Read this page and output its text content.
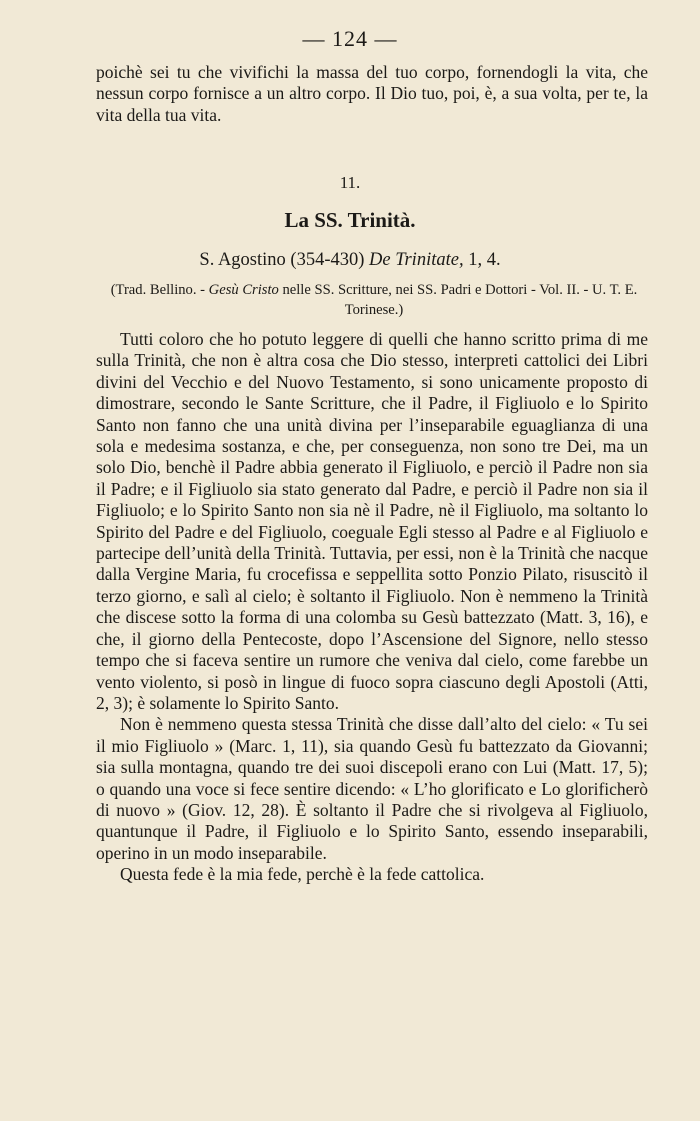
— 124 —
poichè sei tu che vivifichi la massa del tuo corpo, fornendogli la vita, che nessun corpo fornisce a un altro corpo. Il Dio tuo, poi, è, a sua volta, per te, la vita della tua vita.
11.
La SS. Trinità.
S. Agostino (354-430) De Trinitate, 1, 4.
(Trad. Bellino. - Gesù Cristo nelle SS. Scritture, nei SS. Padri e Dottori - Vol. II. - U. T. E. Torinese.)

Tutti coloro che ho potuto leggere di quelli che hanno scritto prima di me sulla Trinità, che non è altra cosa che Dio stesso, interpreti cattolici dei Libri divini del Vecchio e del Nuovo Testamento, si sono unicamente proposto di dimostrare, secondo le Sante Scritture, che il Padre, il Figliuolo e lo Spirito Santo non fanno che una unità divina per l’inseparabile eguaglianza di una sola e medesima sostanza, e che, per conseguenza, non sono tre Dei, ma un solo Dio, benchè il Padre abbia generato il Figliuolo, e perciò il Padre non sia il Padre; e il Figliuolo sia stato generato dal Padre, e perciò il Padre non sia il Figliuolo; e lo Spirito Santo non sia nè il Padre, nè il Figliuolo, ma soltanto lo Spirito del Padre e del Figliuolo, coeguale Egli stesso al Padre e al Figliuolo e partecipe dell’unità della Trinità. Tuttavia, per essi, non è la Trinità che nacque dalla Vergine Maria, fu crocefissa e seppellita sotto Ponzio Pilato, risuscitò il terzo giorno, e salì al cielo; è soltanto il Figliuolo. Non è nemmeno la Trinità che discese sotto la forma di una colomba su Gesù battezzato (Matt. 3, 16), e che, il giorno della Pentecoste, dopo l’Ascensione del Signore, nello stesso tempo che si faceva sentire un rumore che veniva dal cielo, come farebbe un vento violento, si posò in lingue di fuoco sopra ciascuno degli Apostoli (Atti, 2, 3); è solamente lo Spirito Santo.

Non è nemmeno questa stessa Trinità che disse dall’alto del cielo: « Tu sei il mio Figliuolo » (Marc. 1, 11), sia quando Gesù fu battezzato da Giovanni; sia sulla montagna, quando tre dei suoi discepoli erano con Lui (Matt. 17, 5); o quando una voce si fece sentire dicendo: « L’ho glorificato e Lo glorificherò di nuovo » (Giov. 12, 28). È soltanto il Padre che si rivolgeva al Figliuolo, quantunque il Padre, il Figliuolo e lo Spirito Santo, essendo inseparabili, operino in un modo inseparabile.

Questa fede è la mia fede, perchè è la fede cattolica.
